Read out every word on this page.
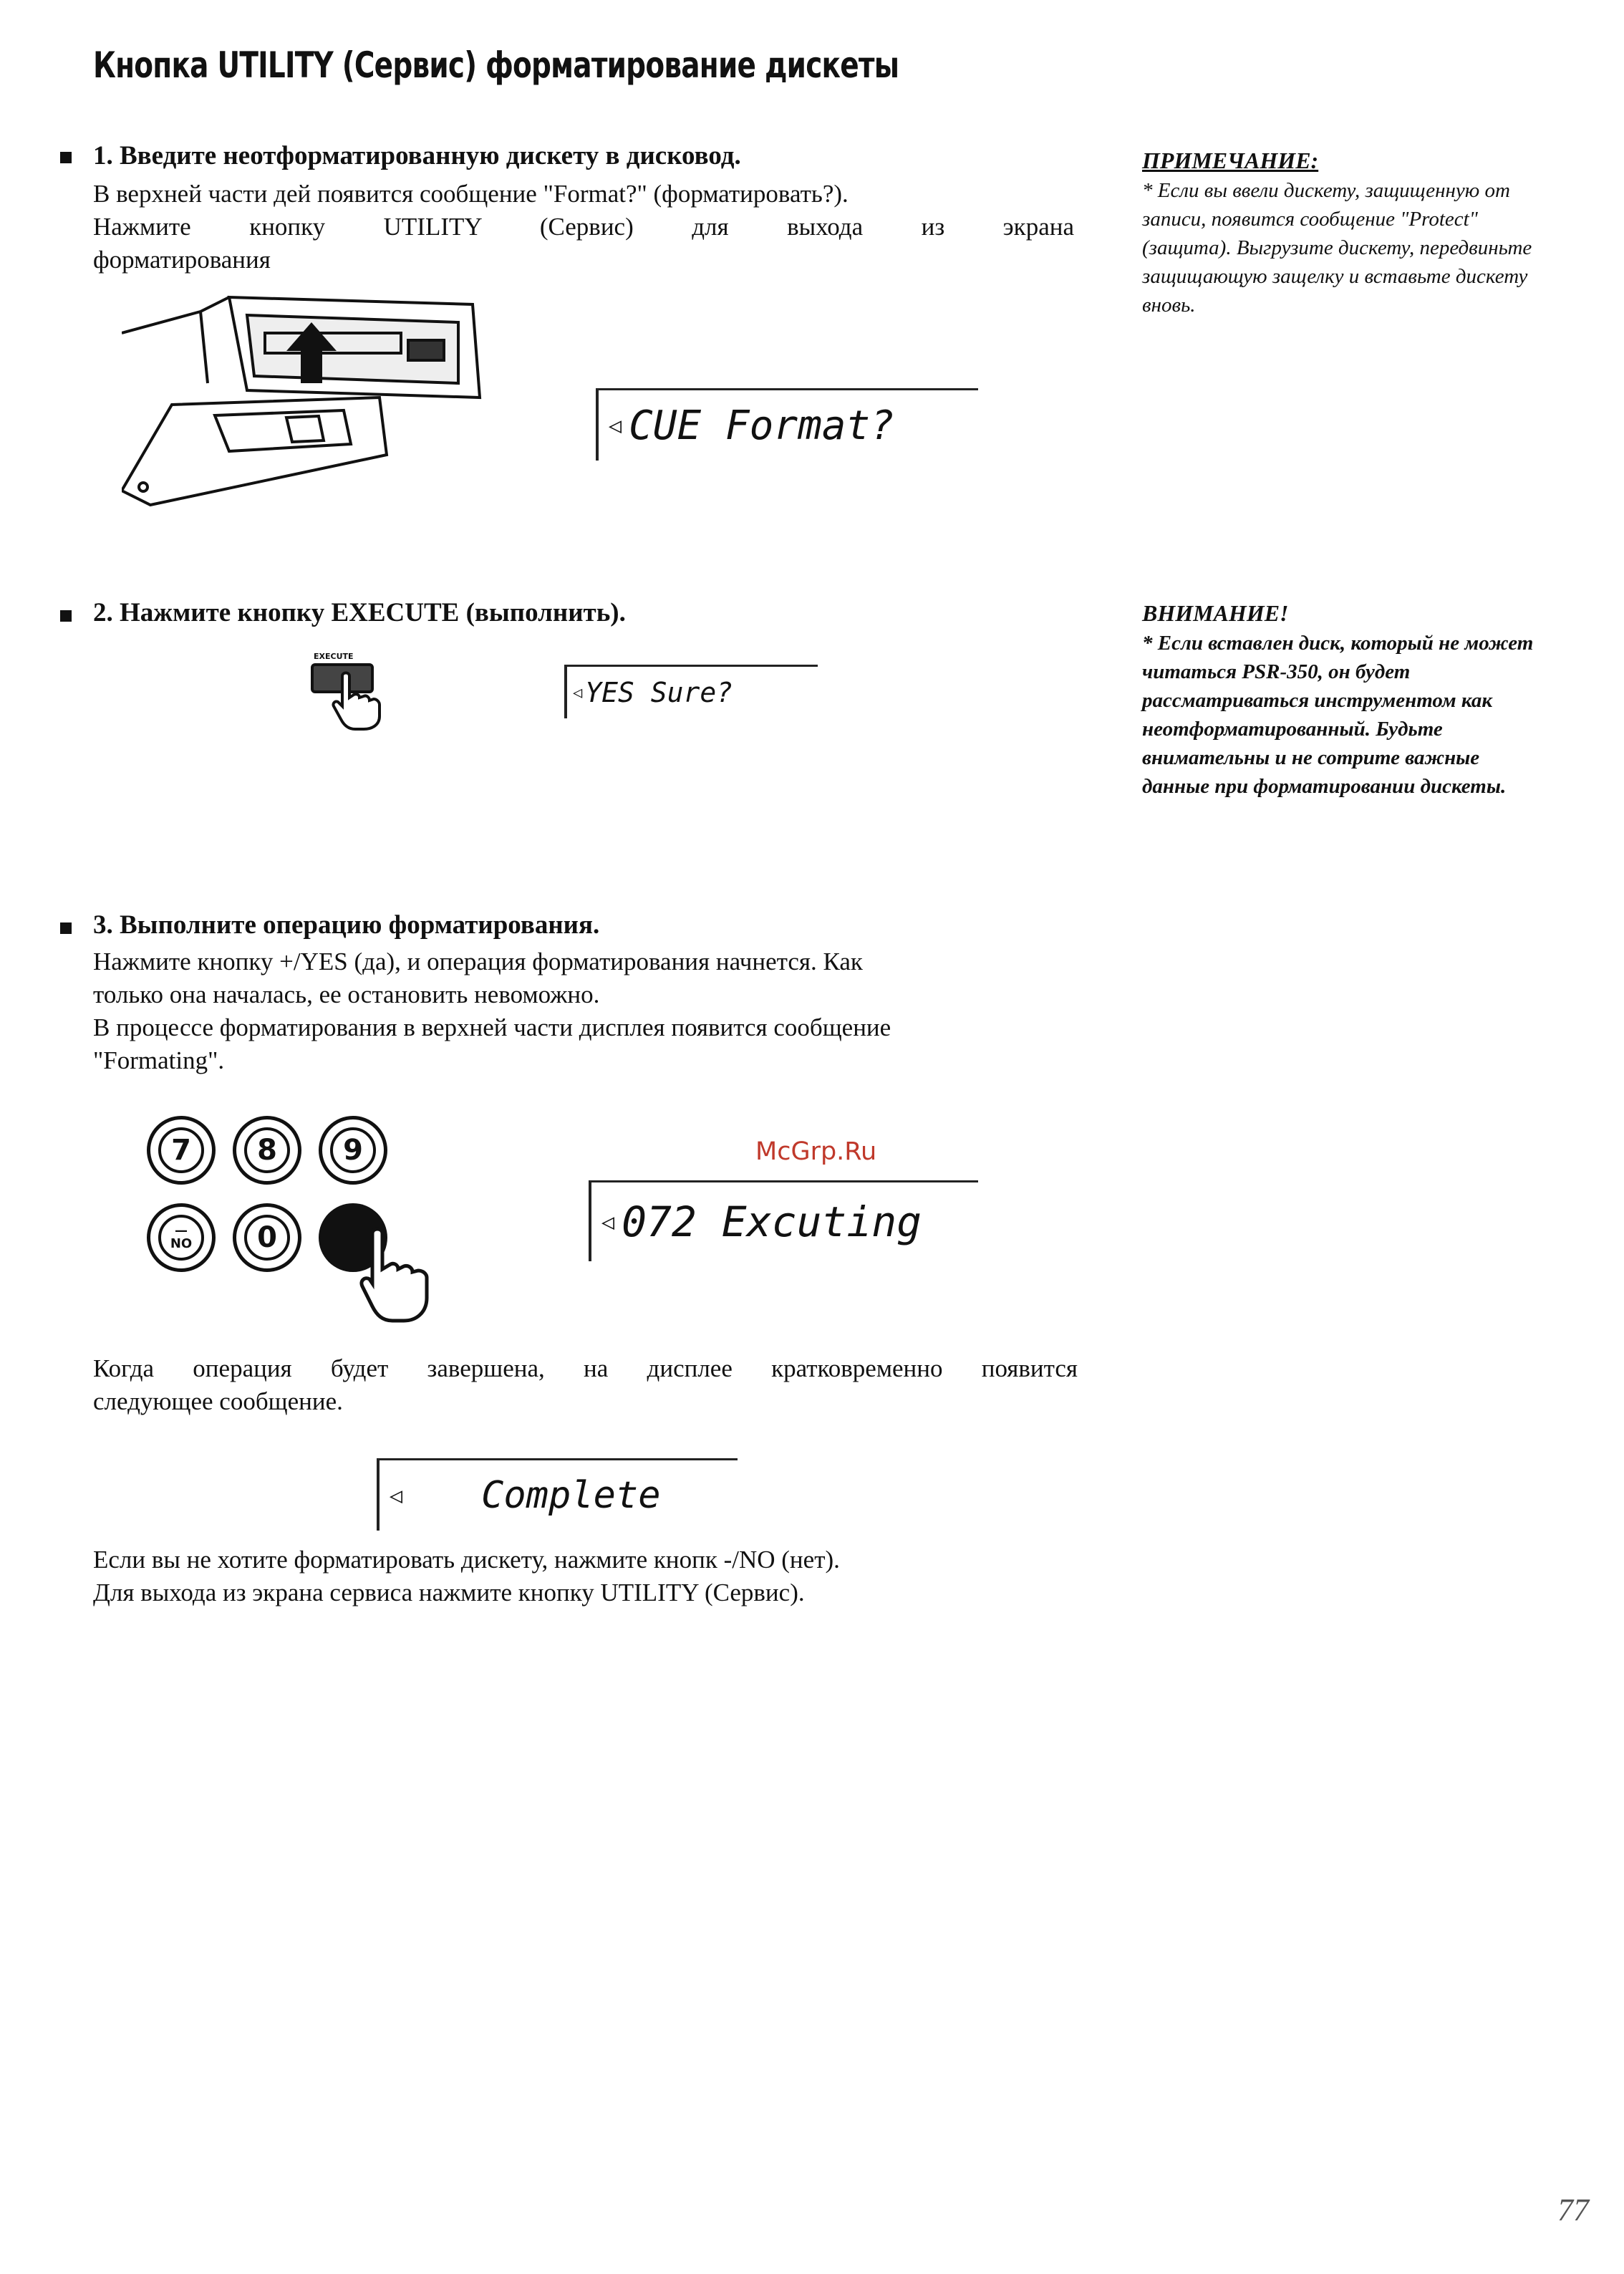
Кнопка UTILITY (Сервис) форматирование дискеты
1. Введите неотформатированную дискету в дисковод.
В верхней части дей появится сообщение "Format?" (форматировать?).
Нажмите кнопку UTILITY (Сервис) для выхода из экрана
форматирования
◁ CUE Format?
ПРИМЕЧАНИЕ:
* Если вы ввели дискету, защищенную от записи, появится сообщение "Protect" (защита). Выгрузите дискету, передвиньте защищающую защелку и вставьте дискету вновь.
2. Нажмите кнопку EXECUTE (выполнить).
EXECUTE
◁ YES Sure?
ВНИМАНИЕ!
* Если вставлен диск, который не может читаться PSR-350, он будет рассматриваться инструментом как неотформатированный. Будьте внимательны и не сотрите важные данные при форматировании дискеты.
3. Выполните операцию форматирования.
Нажмите кнопку +/YES (да), и операция форматирования начнется. Как
только она началась, ее остановить невоможно.
В процессе форматирования в верхней части дисплея появится сообщение
"Formating".
7	8	9
—
NO	0
McGrp.Ru
◁ 072 Excuting
Когда операция будет завершена, на дисплее кратковременно появится
следующее сообщение.
◁ Complete
Если вы не хотите форматировать дискету, нажмите кнопк -/NO (нет).
Для выхода из экрана сервиса нажмите кнопку UTILITY (Сервис).
77
